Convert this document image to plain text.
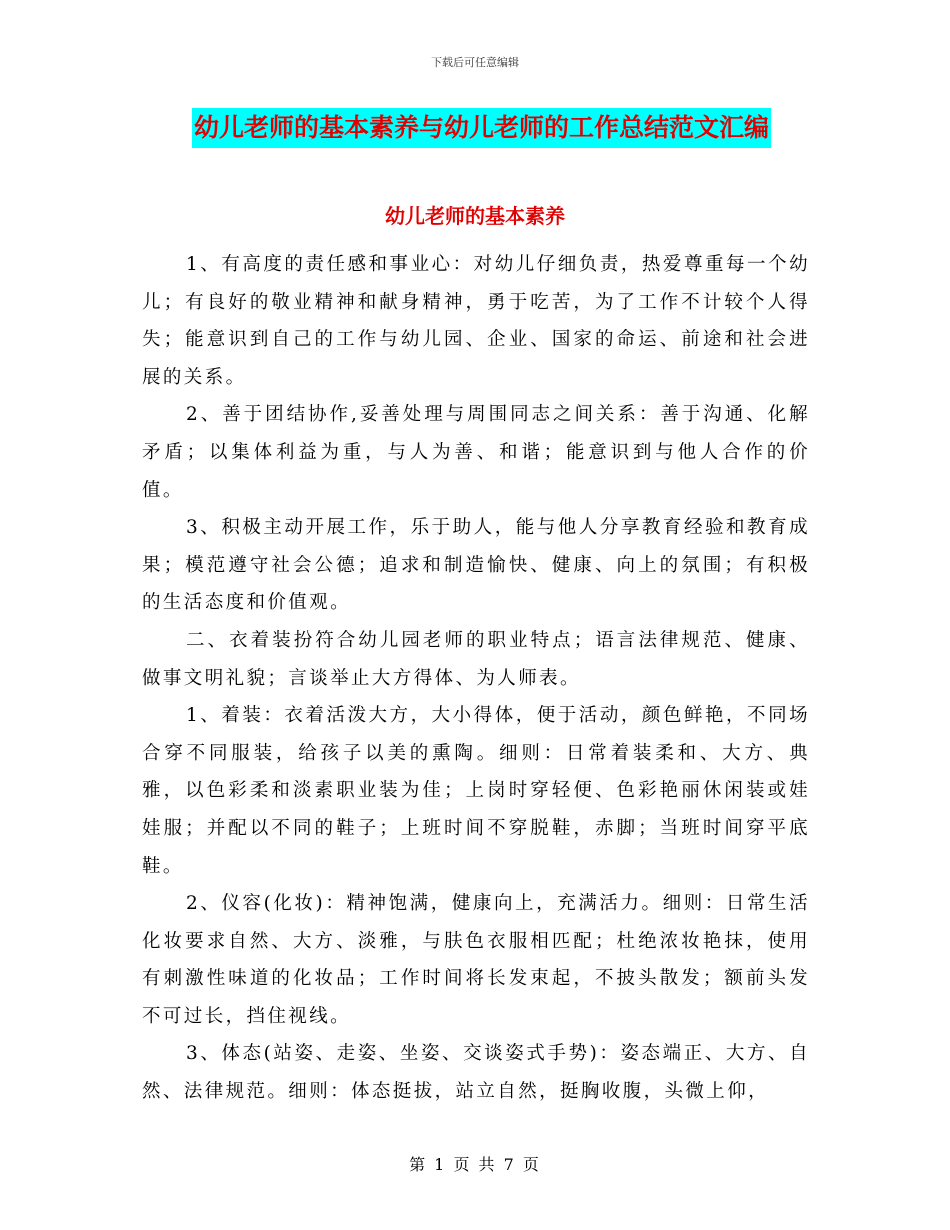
下载后可任意编辑
幼儿老师的基本素养与幼儿老师的工作总结范文汇编
幼儿老师的基本素养

1、有高度的责任感和事业心：对幼儿仔细负责，热爱尊重每一个幼儿；有良好的敬业精神和献身精神，勇于吃苦，为了工作不计较个人得失；能意识到自己的工作与幼儿园、企业、国家的命运、前途和社会进展的关系。

2、善于团结协作,妥善处理与周围同志之间关系：善于沟通、化解矛盾；以集体利益为重，与人为善、和谐；能意识到与他人合作的价值。

3、积极主动开展工作，乐于助人，能与他人分享教育经验和教育成果；模范遵守社会公德；追求和制造愉快、健康、向上的氛围；有积极的生活态度和价值观。

二、衣着装扮符合幼儿园老师的职业特点；语言法律规范、健康、做事文明礼貌；言谈举止大方得体、为人师表。

1、着装：衣着活泼大方，大小得体，便于活动，颜色鲜艳，不同场合穿不同服装，给孩子以美的熏陶。细则：日常着装柔和、大方、典雅，以色彩柔和淡素职业装为佳；上岗时穿轻便、色彩艳丽休闲装或娃娃服；并配以不同的鞋子；上班时间不穿脱鞋，赤脚；当班时间穿平底鞋。

2、仪容(化妆)：精神饱满，健康向上，充满活力。细则：日常生活化妆要求自然、大方、淡雅，与肤色衣服相匹配；杜绝浓妆艳抹，使用有刺激性味道的化妆品；工作时间将长发束起，不披头散发；额前头发不可过长，挡住视线。

3、体态(站姿、走姿、坐姿、交谈姿式手势)：姿态端正、大方、自然、法律规范。细则：体态挺拔，站立自然，挺胸收腹，头微上仰，

第 1 页 共 7 页
